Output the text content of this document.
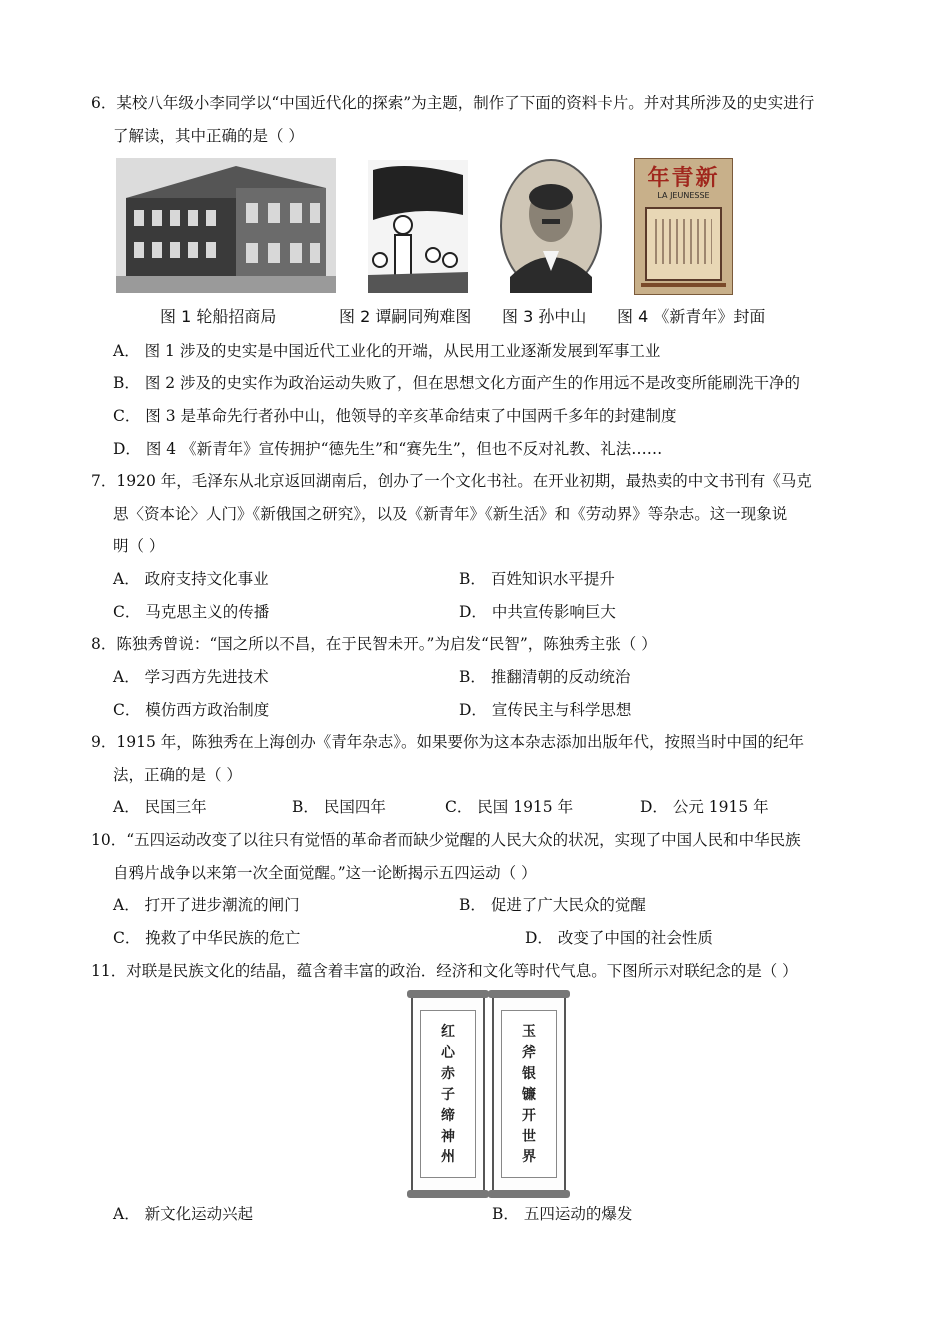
6．某校八年级小李同学以“中国近代化的探索”为主题，制作了下面的资料卡片。并对其所涉及的史实进行
了解读，其中正确的是（ ）
年青新
LA JEUNESSE
图 1 轮船招商局	图 2 谭嗣同殉难图 图 3 孙中山 图 4 《新青年》封面
A． 图 1 涉及的史实是中国近代工业化的开端，从民用工业逐渐发展到军事工业
B． 图 2 涉及的史实作为政治运动失败了，但在思想文化方面产生的作用远不是改变所能刷洗干净的
C． 图 3 是革命先行者孙中山，他领导的辛亥革命结束了中国两千多年的封建制度
D． 图 4 《新青年》宣传拥护“德先生”和“赛先生”，但也不反对礼教、礼法……
7．1920 年，毛泽东从北京返回湖南后，创办了一个文化书社。在开业初期，最热卖的中文书刊有《马克
思〈资本论〉人门》《新俄国之研究》，以及《新青年》《新生活》和《劳动界》等杂志。这一现象说
明（ ）
A． 政府支持文化事业	B． 百姓知识水平提升
C． 马克思主义的传播	D． 中共宣传影响巨大
8．陈独秀曾说：“国之所以不昌，在于民智未开。”为启发“民智”，陈独秀主张（ ）
A． 学习西方先进技术	B． 推翻清朝的反动统治
C． 模仿西方政治制度	D． 宣传民主与科学思想
9．1915 年，陈独秀在上海创办《青年杂志》。如果要你为这本杂志添加出版年代，按照当时中国的纪年
法，正确的是（ ）
A． 民国三年	B． 民国四年	C． 民国 1915 年	D． 公元 1915 年
10．“五四运动改变了以往只有觉悟的革命者而缺少觉醒的人民大众的状况，实现了中国人民和中华民族
自鸦片战争以来第一次全面觉醒。”这一论断揭示五四运动（ ）
A． 打开了进步潮流的闸门	B． 促进了广大民众的觉醒
C． 挽救了中华民族的危亡	D． 改变了中国的社会性质
11．对联是民族文化的结晶，蕴含着丰富的政治．经济和文化等时代气息。下图所示对联纪念的是（ ）
红
心
赤
子
缔
神
州
玉
斧
银
镰
开
世
界
A． 新文化运动兴起	B． 五四运动的爆发
